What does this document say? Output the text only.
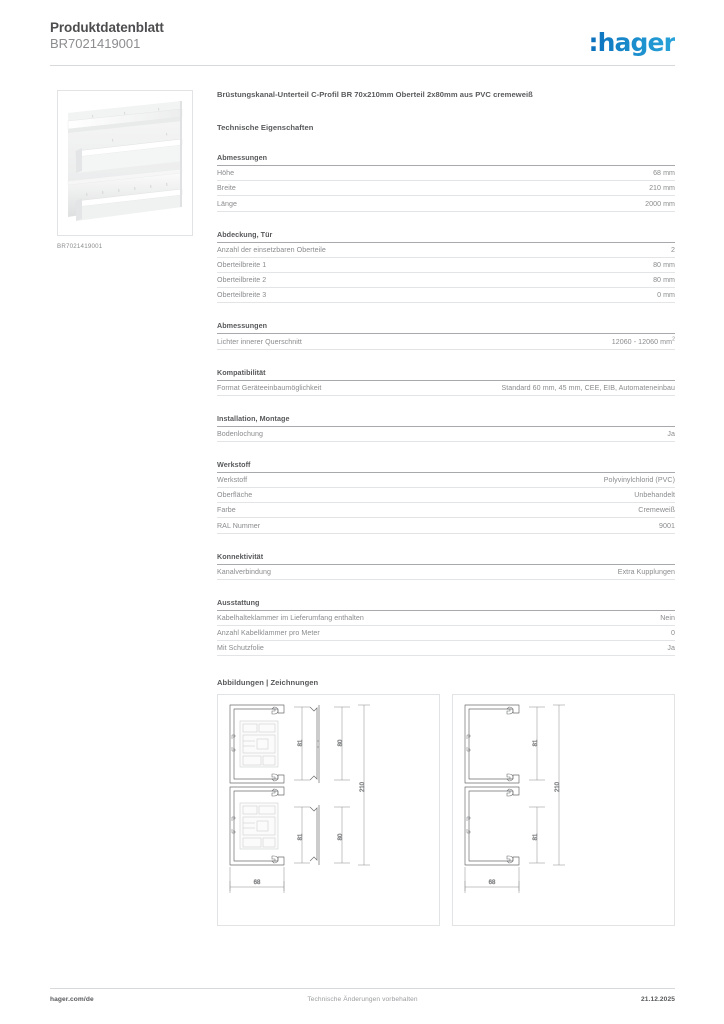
Produktdatenblatt
BR7021419001	:hager
BR7021419001
Brüstungskanal-Unterteil C-Profil BR 70x210mm Oberteil 2x80mm aus PVC cremeweiß
Technische Eigenschaften
Abmessungen
Höhe	68 mm
Breite	210 mm
Länge	2000 mm
Abdeckung, Tür
Anzahl der einsetzbaren Oberteile	2
Oberteilbreite 1	80 mm
Oberteilbreite 2	80 mm
Oberteilbreite 3	0 mm
Abmessungen
Lichter innerer Querschnitt	12060 - 12060 $mm^2$
Kompatibilität
Format Geräteeinbaumöglichkeit	Standard 60 mm, 45 mm, CEE, EIB, Automateneinbau
Installation, Montage
Bodenlochung	Ja
Werkstoff
Werkstoff	Polyvinylchlorid (PVC)
Oberfläche	Unbehandelt
Farbe	Cremeweiß
RAL Nummer	9001
Konnektivität
Kanalverbindung	Extra Kupplungen
Ausstattung
Kabelhalteklammer im Lieferumfang enthalten	Nein
Anzahl Kabelklammer pro Meter	0
Mit Schutzfolie	Ja
Abbildungen | Zeichnungen
81	80
81	80
210
68
81
81
210
68
hager.com/de	Technische Änderungen vorbehalten	21.12.2025
